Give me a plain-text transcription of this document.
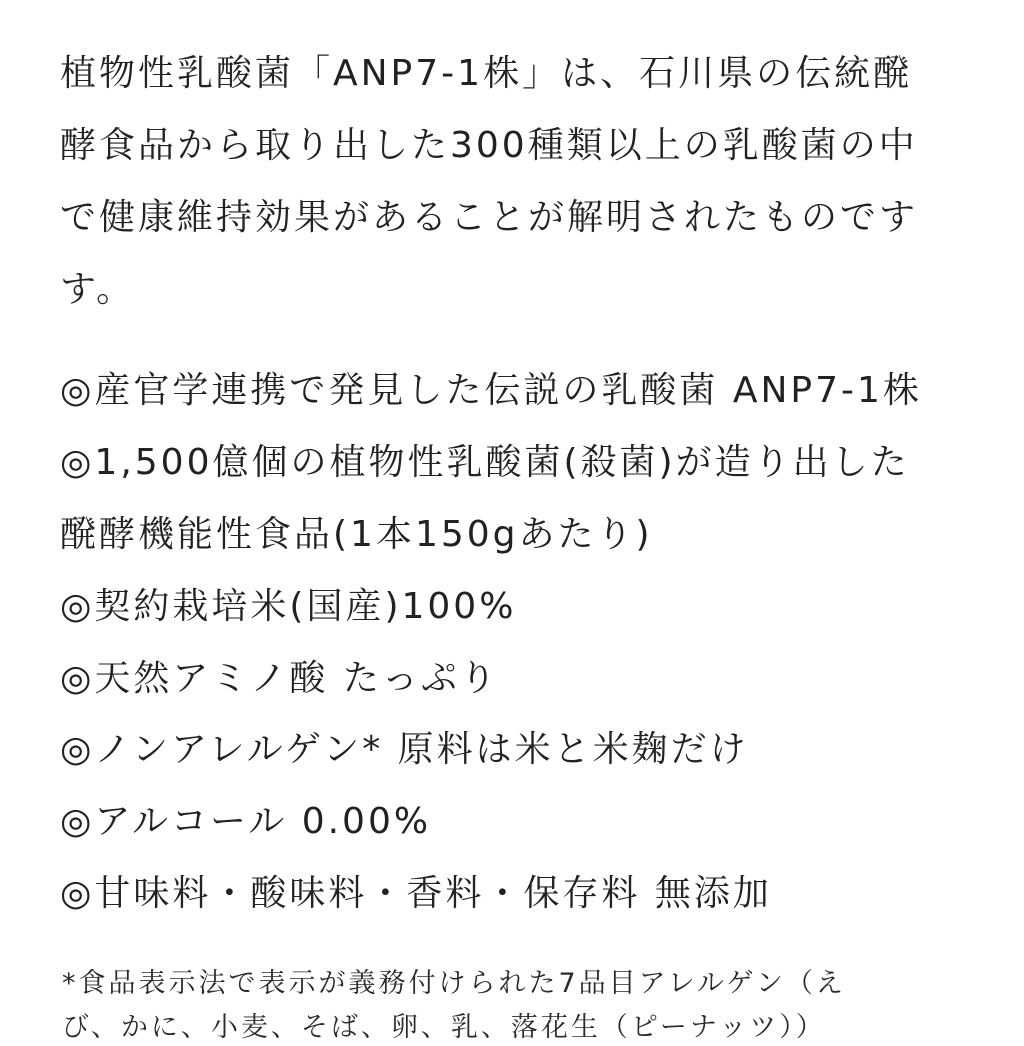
植物性乳酸菌「ANP7-1株」は、石川県の伝統醗
酵食品から取り出した300種類以上の乳酸菌の中
で健康維持効果があることが解明されたものです
す。
◎産官学連携で発見した伝説の乳酸菌 ANP7-1株
◎1,500億個の植物性乳酸菌(殺菌)が造り出した
醗酵機能性食品(1本150gあたり)
◎契約栽培米(国産)100%
◎天然アミノ酸 たっぷり
◎ノンアレルゲン* 原料は米と米麹だけ
◎アルコール 0.00%
◎甘味料・酸味料・香料・保存料 無添加
*食品表示法で表示が義務付けられた7品目アレルゲン（え
び、かに、小麦、そば、卵、乳、落花生（ピーナッツ））
